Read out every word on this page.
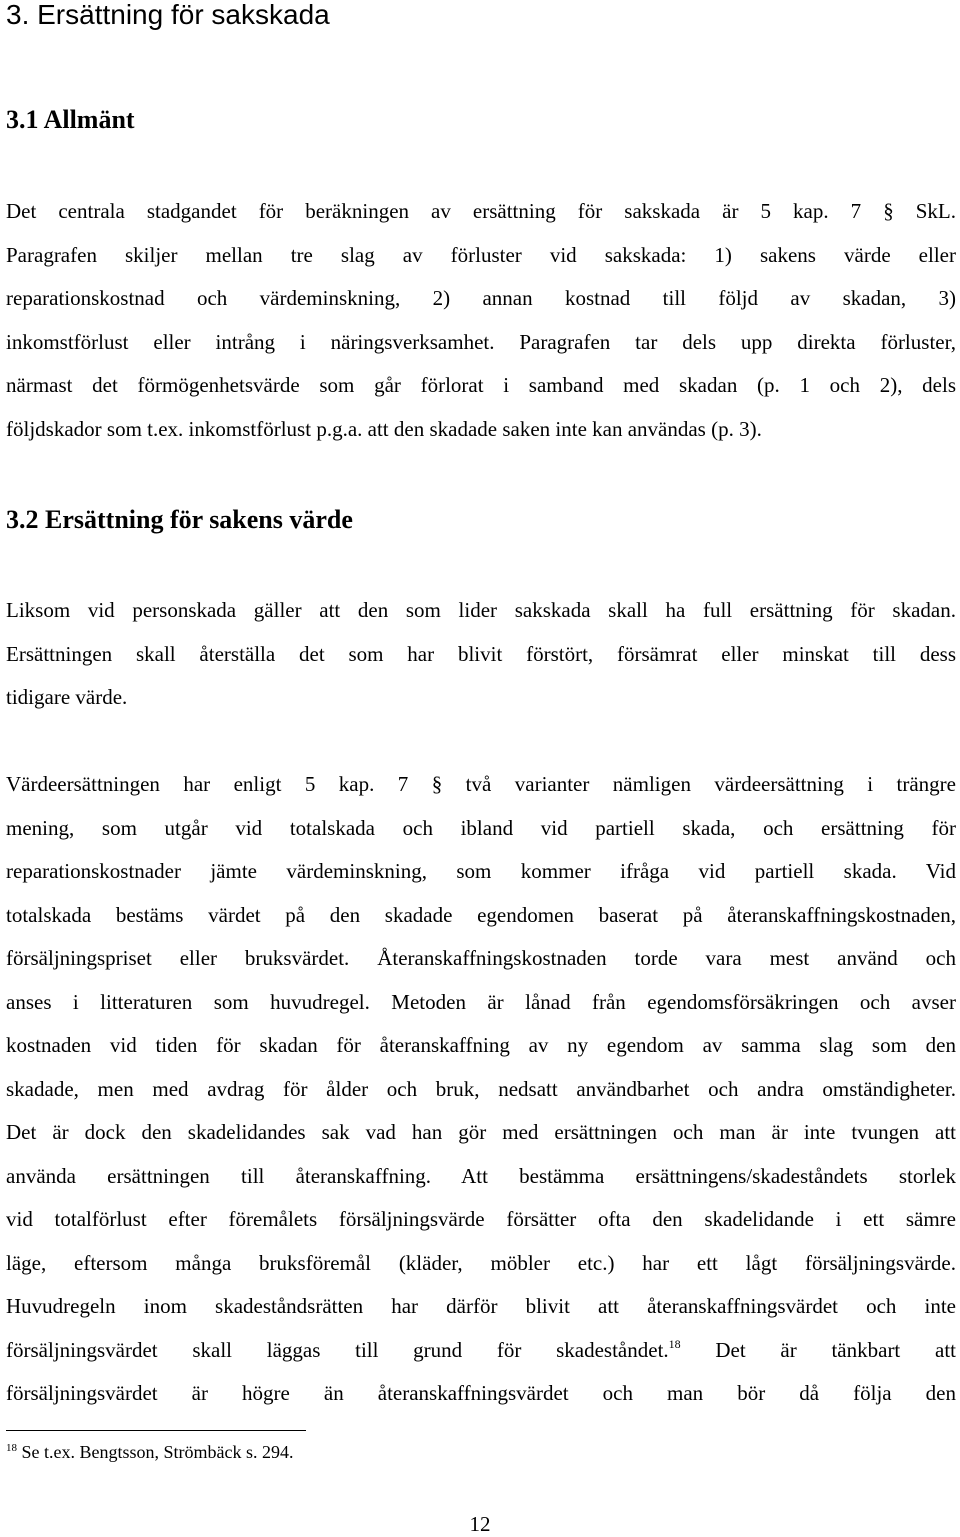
3. Ersättning för sakskada
3.1 Allmänt

Det centrala stadgandet för beräkningen av ersättning för sakskada är 5 kap. 7 § SkL.
Paragrafen skiljer mellan tre slag av förluster vid sakskada: 1) sakens värde eller
reparationskostnad och värdeminskning, 2) annan kostnad till följd av skadan, 3)
inkomstförlust eller intrång i näringsverksamhet. Paragrafen tar dels upp direkta förluster,
närmast det förmögenhetsvärde som går förlorat i samband med skadan (p. 1 och 2), dels
följdskador som t.ex. inkomstförlust p.g.a. att den skadade saken inte kan användas (p. 3).

3.2 Ersättning för sakens värde

Liksom vid personskada gäller att den som lider sakskada skall ha full ersättning för skadan.
Ersättningen skall återställa det som har blivit förstört, försämrat eller minskat till dess
tidigare värde.

Värdeersättningen har enligt 5 kap. 7 § två varianter nämligen värdeersättning i trängre
mening, som utgår vid totalskada och ibland vid partiell skada, och ersättning för
reparationskostnader jämte värdeminskning, som kommer ifråga vid partiell skada. Vid
totalskada bestäms värdet på den skadade egendomen baserat på återanskaffningskostnaden,
försäljningspriset eller bruksvärdet. Återanskaffningskostnaden torde vara mest använd och
anses i litteraturen som huvudregel. Metoden är lånad från egendomsförsäkringen och avser
kostnaden vid tiden för skadan för återanskaffning av ny egendom av samma slag som den
skadade, men med avdrag för ålder och bruk, nedsatt användbarhet och andra omständigheter.
Det är dock den skadelidandes sak vad han gör med ersättningen och man är inte tvungen att
använda ersättningen till återanskaffning. Att bestämma ersättningens/skadeståndets storlek
vid totalförlust efter föremålets försäljningsvärde försätter ofta den skadelidande i ett sämre
läge, eftersom många bruksföremål (kläder, möbler etc.) har ett lågt försäljningsvärde.
Huvudregeln inom skadeståndsrätten har därför blivit att återanskaffningsvärdet och inte
försäljningsvärdet skall läggas till grund för skadeståndet.$^{18}$ Det är tänkbart att
försäljningsvärdet är högre än återanskaffningsvärdet och man bör då följa den

$^{18}$ Se t.ex. Bengtsson, Strömbäck s. 294.

12
